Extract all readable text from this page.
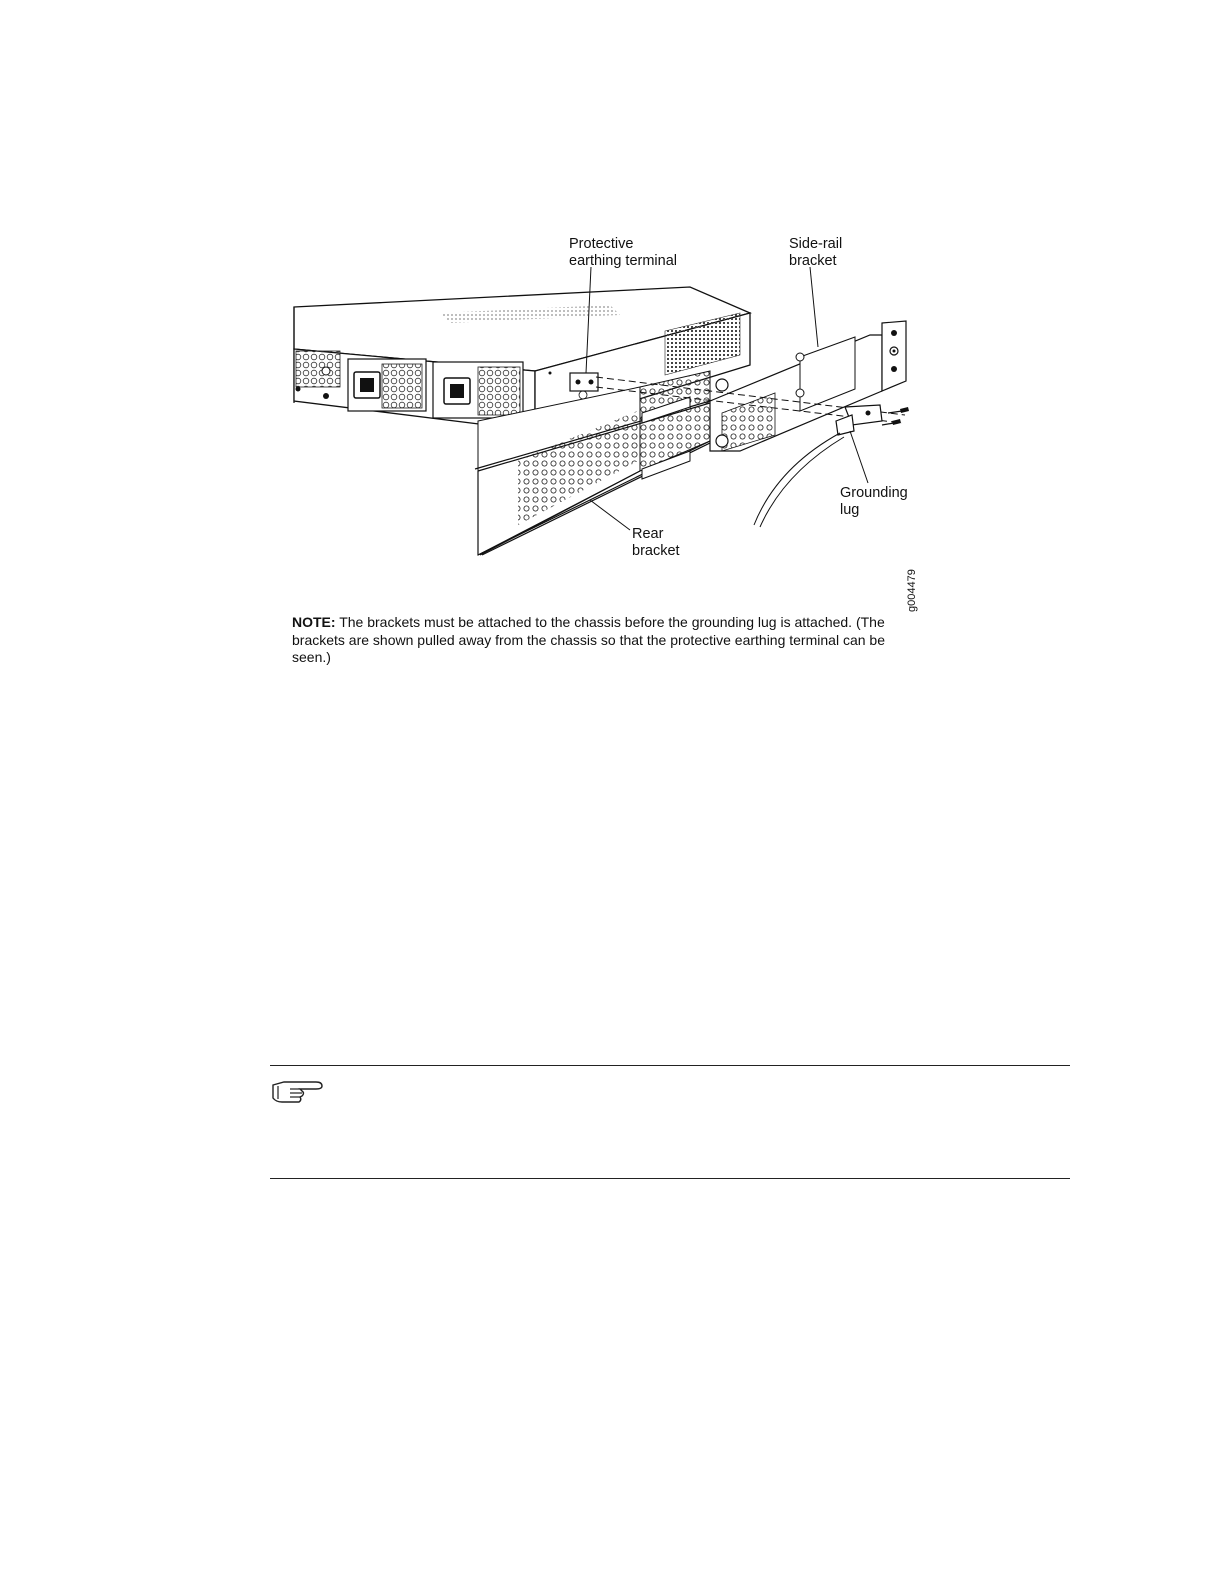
Protective
earthing terminal
Side-rail
bracket
Grounding
lug
Rear
bracket
g004479
NOTE: The brackets must be attached to the chassis before the grounding lug is attached. (The brackets are shown pulled away from the chassis so that the protective earthing terminal can be seen.)
